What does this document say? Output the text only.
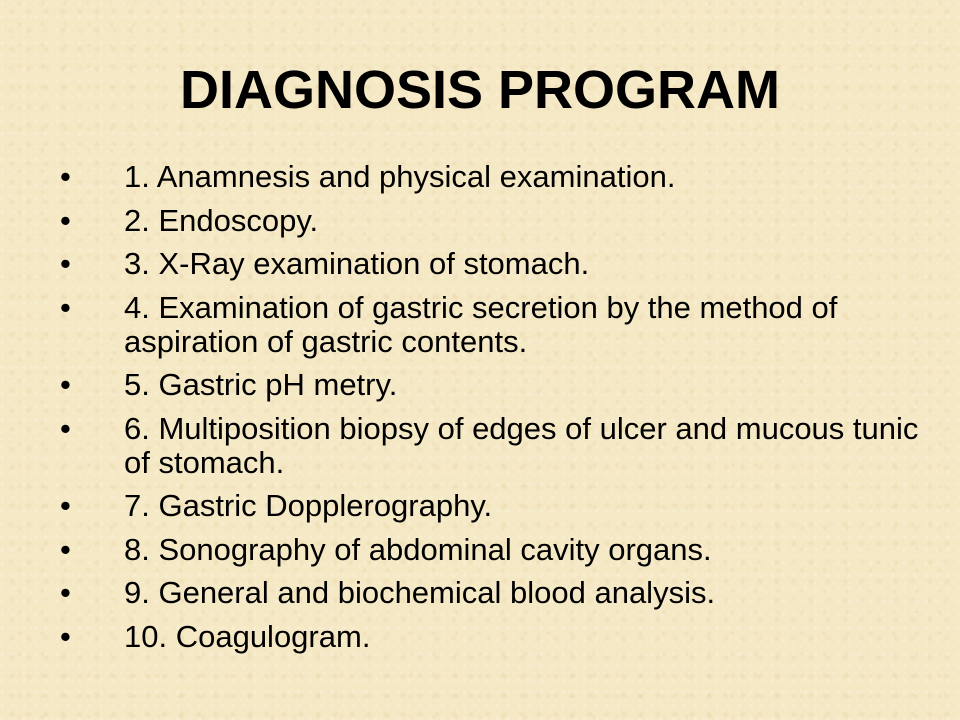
DIAGNOSIS PROGRAM
• 1. Anamnesis and physical examination.
• 2. Endoscopy.
• 3. X-Ray examination of stomach.
• 4. Examination of gastric secretion by the method of aspiration of gastric contents.
• 5. Gastric pH metry.
• 6. Multiposition biopsy of edges of ulcer and mucous tunic of stomach.
• 7. Gastric Dopplerography.
• 8. Sonography of abdominal cavity organs.
• 9. General and biochemical blood analysis.
• 10. Coagulogram.
